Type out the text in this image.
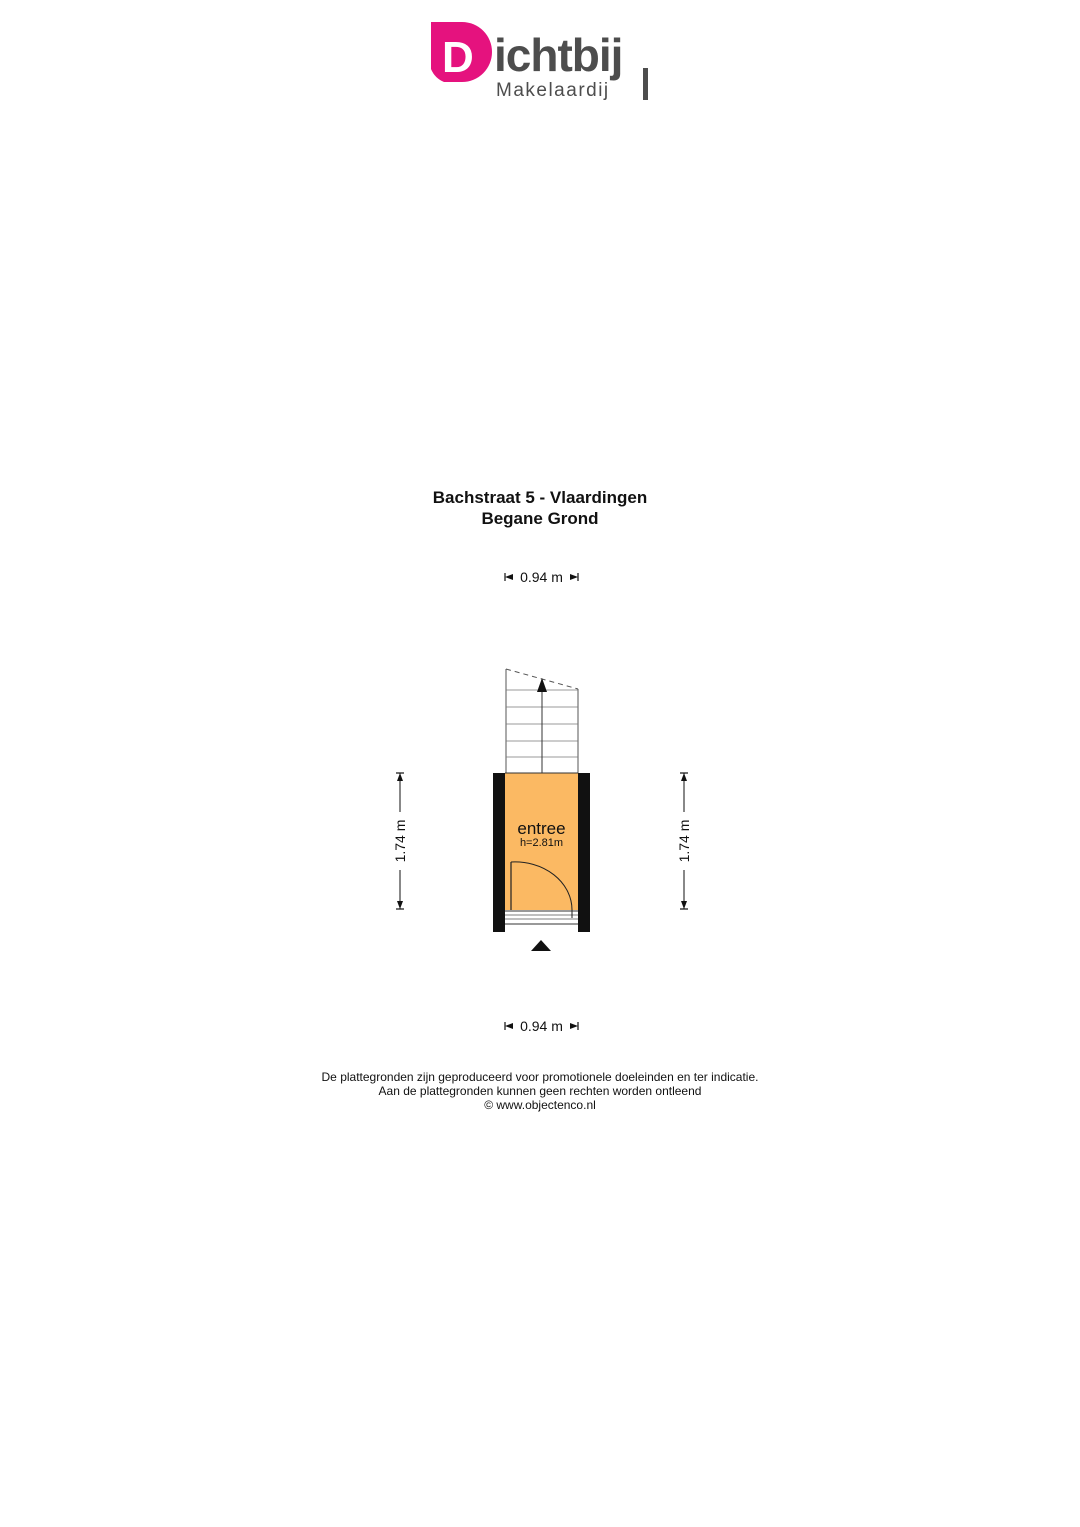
D ichtbij
Makelaardij
Bachstraat 5 - Vlaardingen
Begane Grond
0.94 m
entree
h=2.81m
1.74 m	1.74 m
0.94 m
De plattegronden zijn geproduceerd voor promotionele doeleinden en ter indicatie.
Aan de plattegronden kunnen geen rechten worden ontleend
© www.objectenco.nl
